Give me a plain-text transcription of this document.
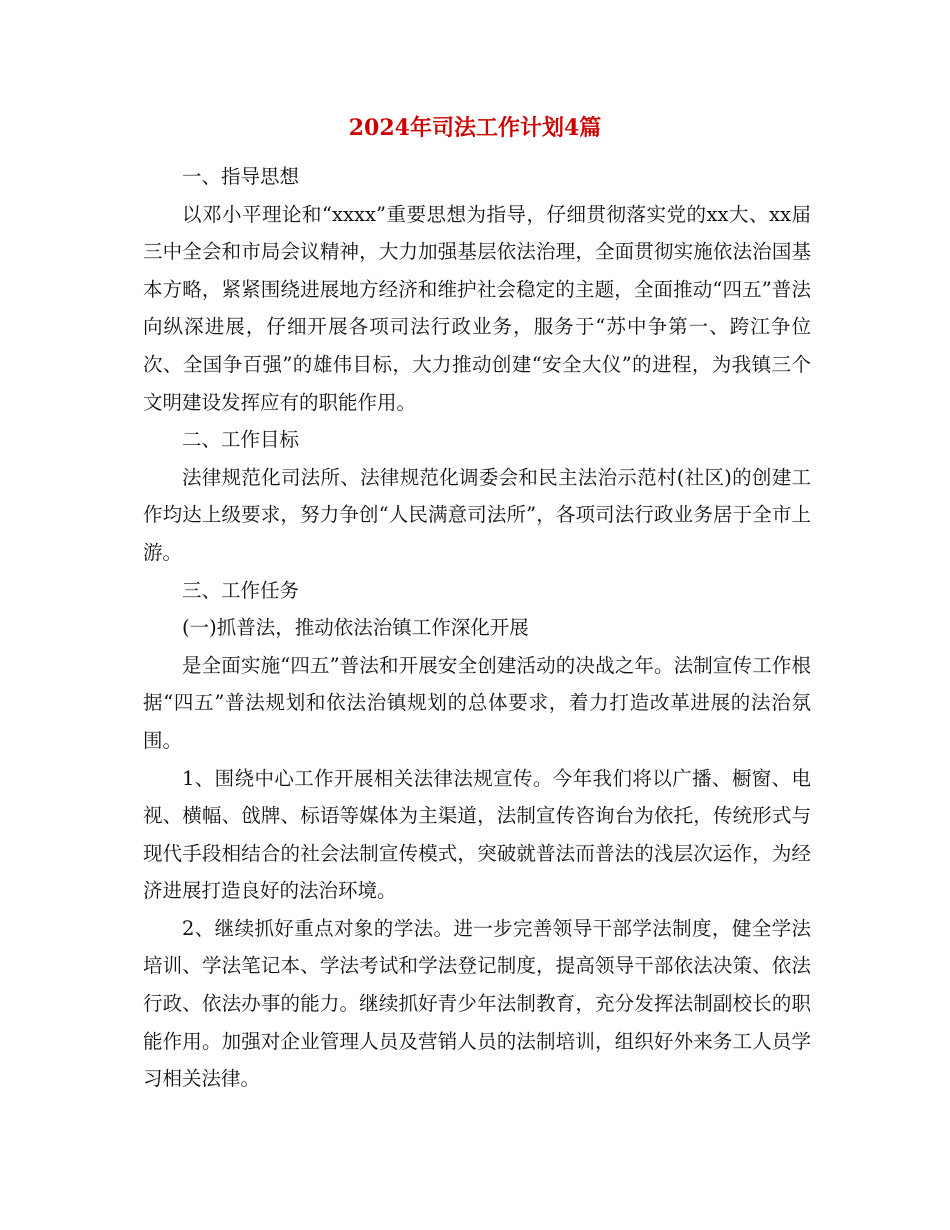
2024年司法工作计划4篇

一、指导思想

以邓小平理论和“xxxx”重要思想为指导，仔细贯彻落实党的xx大、xx届三中全会和市局会议精神，大力加强基层依法治理，全面贯彻实施依法治国基本方略，紧紧围绕进展地方经济和维护社会稳定的主题，全面推动“四五”普法向纵深进展，仔细开展各项司法行政业务，服务于“苏中争第一、跨江争位次、全国争百强”的雄伟目标，大力推动创建“安全大仪”的进程，为我镇三个文明建设发挥应有的职能作用。

二、工作目标

法律规范化司法所、法律规范化调委会和民主法治示范村(社区)的创建工作均达上级要求，努力争创“人民满意司法所”，各项司法行政业务居于全市上游。

三、工作任务

(一)抓普法，推动依法治镇工作深化开展

是全面实施“四五”普法和开展安全创建活动的决战之年。法制宣传工作根据“四五”普法规划和依法治镇规划的总体要求，着力打造改革进展的法治氛围。

1、围绕中心工作开展相关法律法规宣传。今年我们将以广播、橱窗、电视、横幅、戗牌、标语等媒体为主渠道，法制宣传咨询台为依托，传统形式与现代手段相结合的社会法制宣传模式，突破就普法而普法的浅层次运作，为经济进展打造良好的法治环境。

2、继续抓好重点对象的学法。进一步完善领导干部学法制度，健全学法培训、学法笔记本、学法考试和学法登记制度，提高领导干部依法决策、依法行政、依法办事的能力。继续抓好青少年法制教育，充分发挥法制副校长的职能作用。加强对企业管理人员及营销人员的法制培训，组织好外来务工人员学习相关法律。
